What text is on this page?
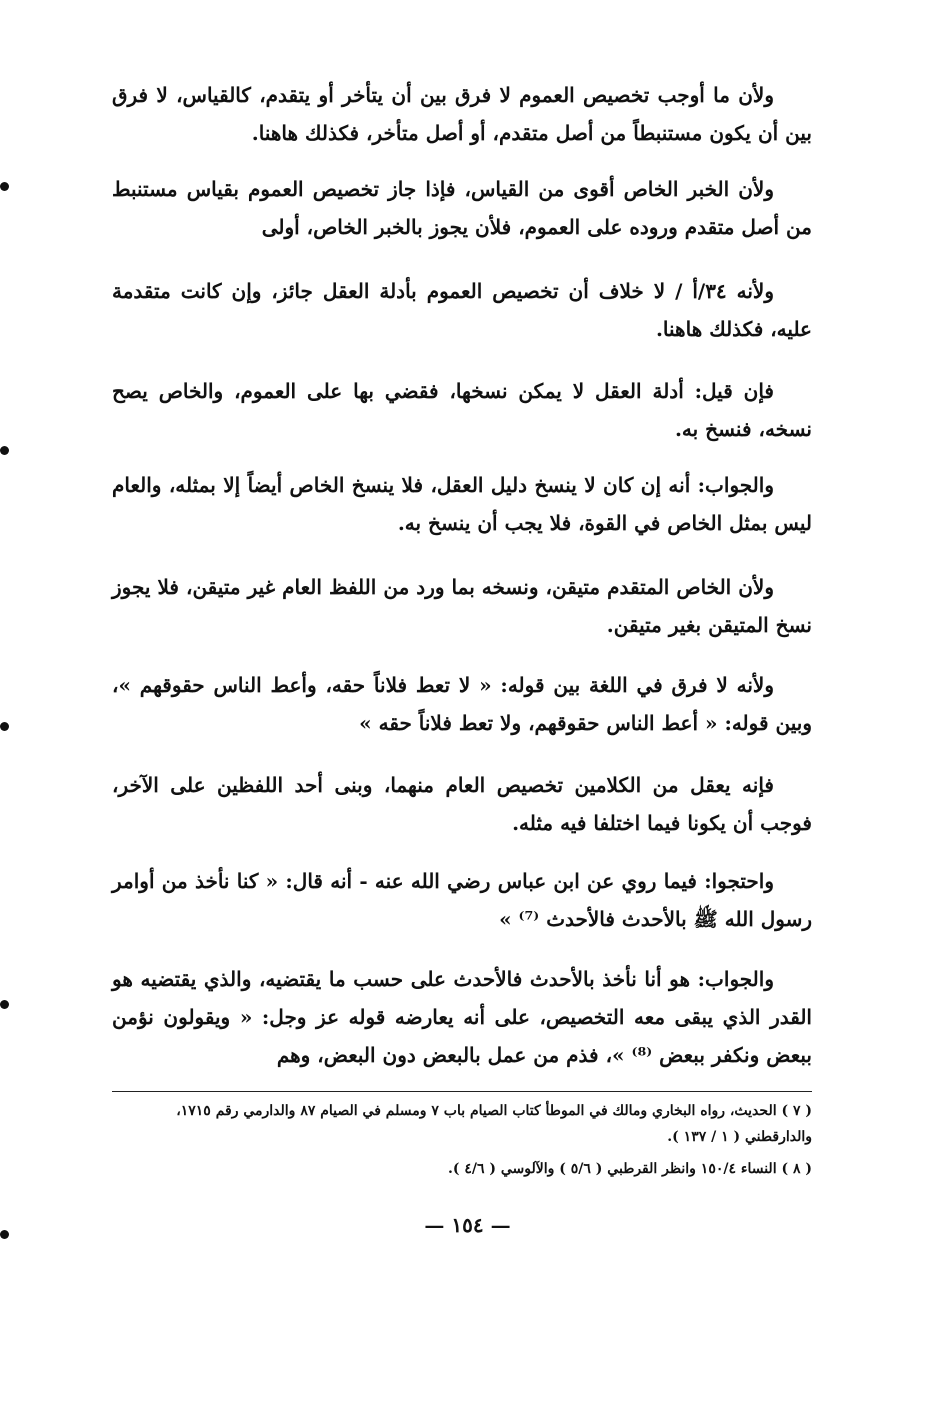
ولأن ما أوجب تخصيص العموم لا فرق بين أن يتأخر أو يتقدم، كالقياس، لا فرق بين أن يكون مستنبطاً من أصل متقدم، أو أصل متأخر، فكذلك هاهنا.

ولأن الخبر الخاص أقوى من القياس، فإذا جاز تخصيص العموم بقياس مستنبط من أصل متقدم وروده على العموم، فلأن يجوز بالخبر الخاص، أولى

ولأنه ٣٤/أ / لا خلاف أن تخصيص العموم بأدلة العقل جائز، وإن كانت متقدمة عليه، فكذلك هاهنا.

فإن قيل: أدلة العقل لا يمكن نسخها، فقضي بها على العموم، والخاص يصح نسخه، فنسخ به.

والجواب: أنه إن كان لا ينسخ دليل العقل، فلا ينسخ الخاص أيضاً إلا بمثله، والعام ليس بمثل الخاص في القوة، فلا يجب أن ينسخ به.

ولأن الخاص المتقدم متيقن، ونسخه بما ورد من اللفظ العام غير متيقن، فلا يجوز نسخ المتيقن بغير متيقن.

ولأنه لا فرق في اللغة بين قوله: « لا تعط فلاناً حقه، وأعط الناس حقوقهم »، وبين قوله: « أعط الناس حقوقهم، ولا تعط فلاناً حقه »

فإنه يعقل من الكلامين تخصيص العام منهما، وبنى أحد اللفظين على الآخر، فوجب أن يكونا فيما اختلفا فيه مثله.

واحتجوا: فيما روي عن ابن عباس رضي الله عنه - أنه قال: « كنا نأخذ من أوامر رسول الله ﷺ بالأحدث فالأحدث ⁽⁷⁾ »

والجواب: هو أنا نأخذ بالأحدث فالأحدث على حسب ما يقتضيه، والذي يقتضيه هو القدر الذي يبقى معه التخصيص، على أنه يعارضه قوله عز وجل: « ويقولون نؤمن ببعض ونكفر ببعض ⁽⁸⁾ »، فذم من عمل بالبعض دون البعض، وهم

( ٧ ) الحديث، رواه البخاري ومالك في الموطأ كتاب الصيام باب ٧ ومسلم في الصيام ٨٧ والدارمي رقم ١٧١٥، والدارقطني ( ١ / ١٣٧ ).

( ٨ ) النساء ١٥٠/٤ وانظر القرطبي ( ٥/٦ ) والآلوسي ( ٤/٦ ).

— ١٥٤ —
